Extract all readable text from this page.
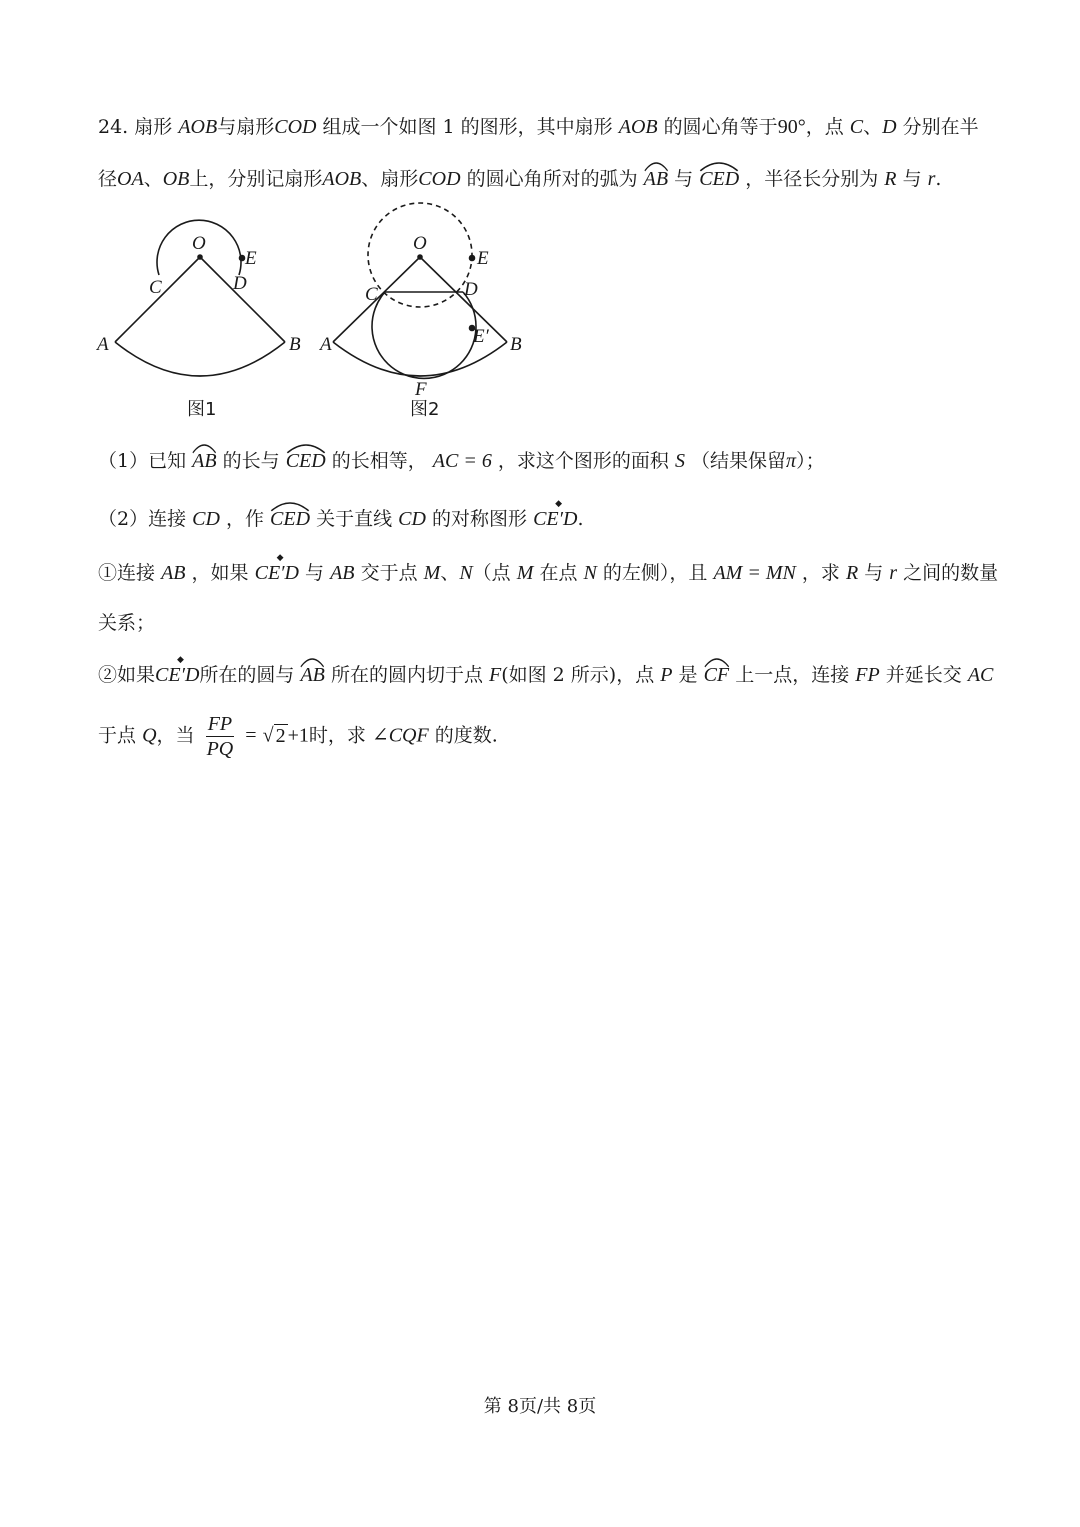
24. 扇形 AOB与扇形COD 组成一个如图 1 的图形，其中扇形 AOB 的圆心角等于90°，点 C、D 分别在半
径OA、OB上，分别记扇形AOB、扇形COD 的圆心角所对的弧为 AB 与 CED ，半径长分别为 R 与 r.
O
E
C	D
A	B
图1
O
E
C	D
A	B
E′
F
图2
（1）已知 AB 的长与 CED 的长相等， AC = 6 ，求这个图形的面积 S （结果保留π）；
（2）连接 CD ，作 CED 关于直线 CD 的对称图形 ◆ CE′D.
①连接 AB ，如果 ◆ CE′D 与 AB 交于点 M、N（点 M 在点 N 的左侧），且 AM = MN ，求 R 与 r 之间的数量
关系；
②如果◆ CE′D所在的圆与 AB 所在的圆内切于点 F(如图 2 所示)，点 P 是 CF 上一点，连接 FP 并延长交 AC
于点 Q，当 $\frac{FP}{PQ}$ = √ 2 +1时，求 ∠CQF 的度数.
第 8页/共 8页
